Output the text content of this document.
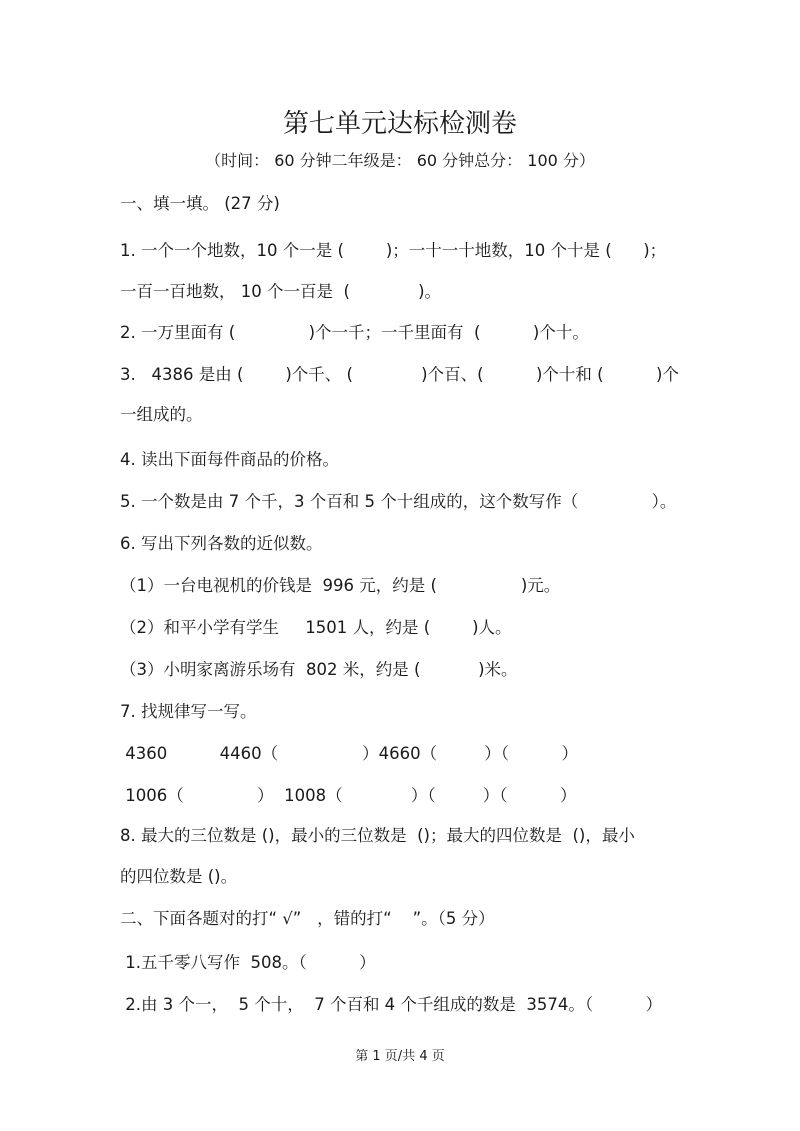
第七单元达标检测卷
（时间： 60 分钟二年级是： 60 分钟总分： 100 分）
一、填一填。 (27 分)
1. 一个一个地数，10 个一是 (        )；一十一十地数，10 个十是 (      )；
一百一百地数， 10 个一百是  (             )。
2. 一万里面有 (              )个一千；一千里面有  (          )个十。
3.   4386 是由 (        )个千、 (             )个百、(          )个十和 (          )个
一组成的。
4. 读出下面每件商品的价格。
5. 一个数是由 7 个千，3 个百和 5 个十组成的，这个数写作（              ）。
6. 写出下列各数的近似数。
（1）一台电视机的价钱是  996 元，约是 (                )元。
（2）和平小学有学生     1501 人，约是 (        )人。
（3）小明家离游乐场有  802 米，约是 (           )米。
7. 找规律写一写。
4360          4460（                ）4660（         ）（          ）
1006（              ）  1008（             ）（         ）（          ）
8. 最大的三位数是 ()，最小的三位数是  ()；最大的四位数是  ()，最小
的四位数是 ()。
二、下面各题对的打“ √”   ，错的打“    ”。（5 分）
1.五千零八写作  508。（          ）
2.由 3 个一，  5 个十，  7 个百和 4 个千组成的数是  3574。（          ）
第 1 页/共 4 页
